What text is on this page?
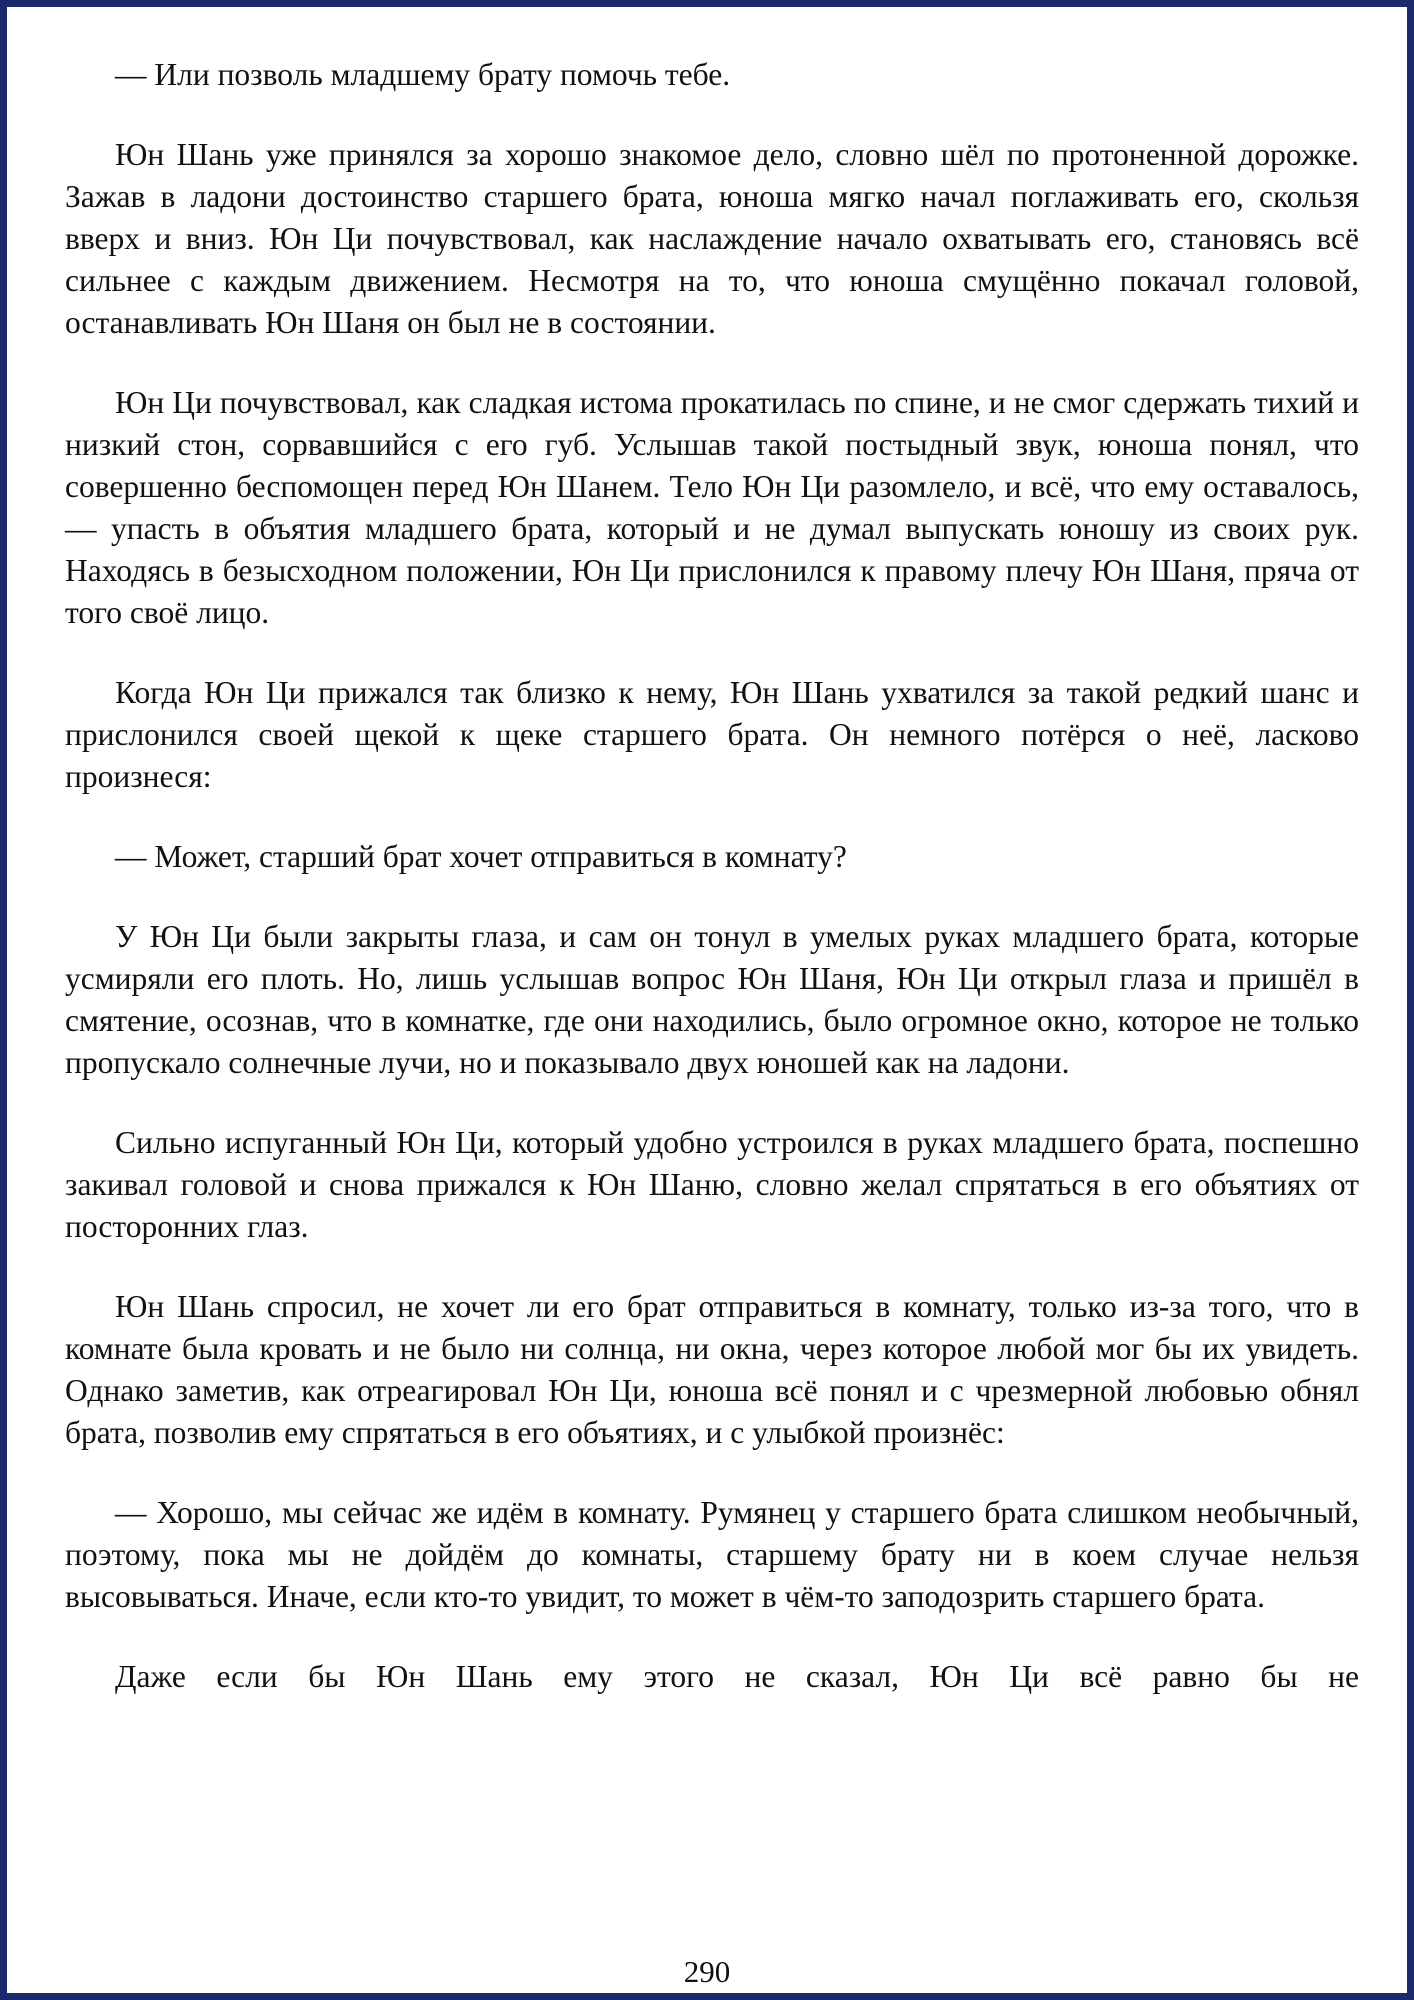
— Или позволь младшему брату помочь тебе.

Юн Шань уже принялся за хорошо знакомое дело, словно шёл по протоненной дорожке. Зажав в ладони достоинство старшего брата, юноша мягко начал поглаживать его, скользя вверх и вниз. Юн Ци почувствовал, как наслаждение начало охватывать его, становясь всё сильнее с каждым движением. Несмотря на то, что юноша смущённо покачал головой, останавливать Юн Шаня он был не в состоянии.

Юн Ци почувствовал, как сладкая истома прокатилась по спине, и не смог сдержать тихий и низкий стон, сорвавшийся с его губ. Услышав такой постыдный звук, юноша понял, что совершенно беспомощен перед Юн Шанем. Тело Юн Ци разомлело, и всё, что ему оставалось, — упасть в объятия младшего брата, который и не думал выпускать юношу из своих рук. Находясь в безысходном положении, Юн Ци прислонился к правому плечу Юн Шаня, пряча от того своё лицо.

Когда Юн Ци прижался так близко к нему, Юн Шань ухватился за такой редкий шанс и прислонился своей щекой к щеке старшего брата. Он немного потёрся о неё, ласково произнеся:

— Может, старший брат хочет отправиться в комнату?

У Юн Ци были закрыты глаза, и сам он тонул в умелых руках младшего брата, которые усмиряли его плоть. Но, лишь услышав вопрос Юн Шаня, Юн Ци открыл глаза и пришёл в смятение, осознав, что в комнатке, где они находились, было огромное окно, которое не только пропускало солнечные лучи, но и показывало двух юношей как на ладони.

Сильно испуганный Юн Ци, который удобно устроился в руках младшего брата, поспешно закивал головой и снова прижался к Юн Шаню, словно желал спрятаться в его объятиях от посторонних глаз.

Юн Шань спросил, не хочет ли его брат отправиться в комнату, только из-за того, что в комнате была кровать и не было ни солнца, ни окна, через которое любой мог бы их увидеть. Однако заметив, как отреагировал Юн Ци, юноша всё понял и с чрезмерной любовью обнял брата, позволив ему спрятаться в его объятиях, и с улыбкой произнёс:

— Хорошо, мы сейчас же идём в комнату. Румянец у старшего брата слишком необычный, поэтому, пока мы не дойдём до комнаты, старшему брату ни в коем случае нельзя высовываться. Иначе, если кто-то увидит, то может в чём-то заподозрить старшего брата.

Даже если бы Юн Шань ему этого не сказал, Юн Ци всё равно бы не

290
